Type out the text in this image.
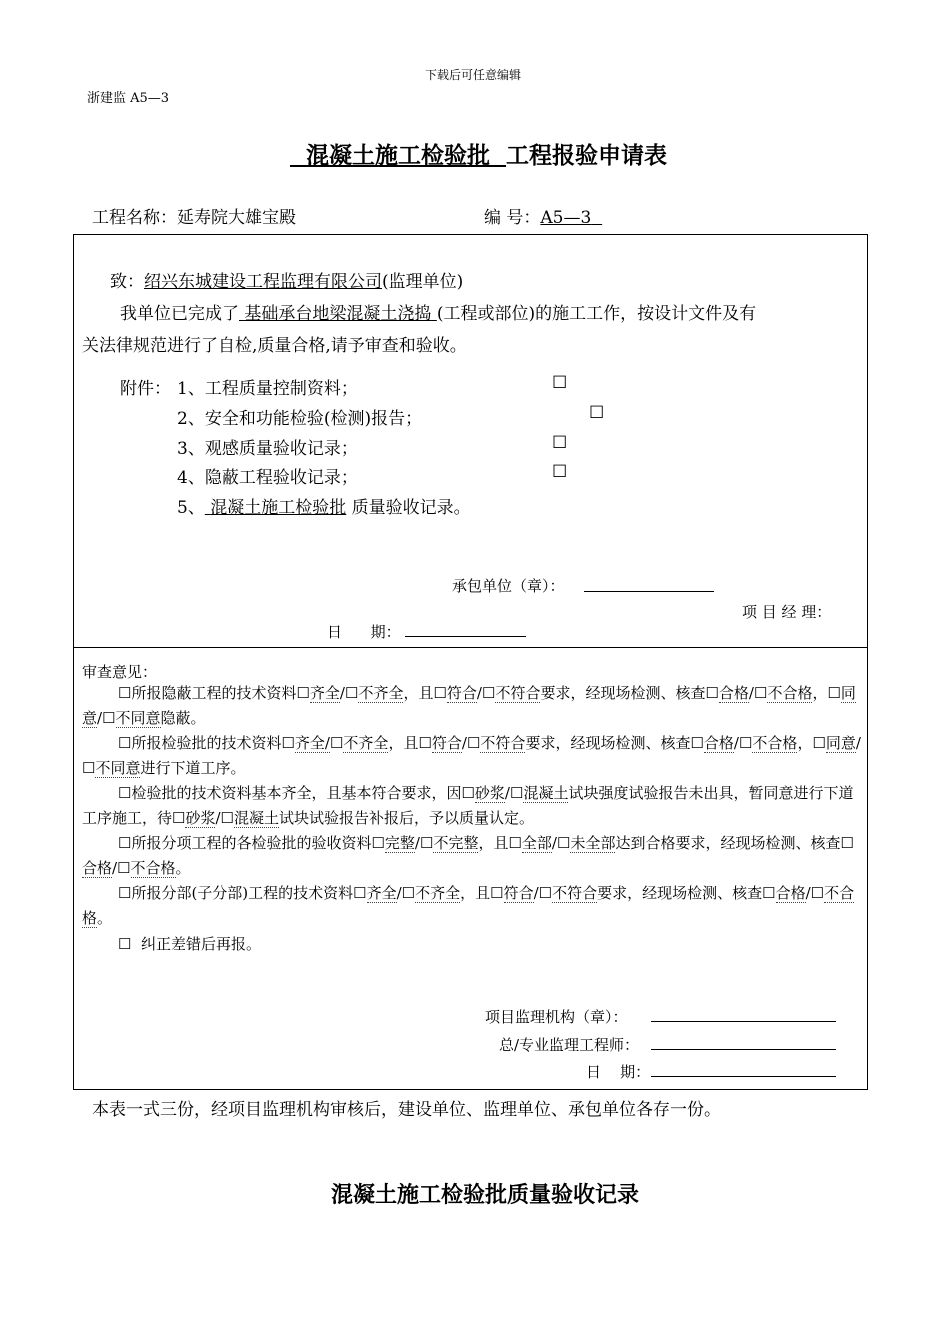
下载后可任意编辑
浙建监 A5—3
混凝土施工检验批 工程报验申请表
工程名称：延寿院大雄宝殿	编 号：A5—3
致：绍兴东城建设工程监理有限公司(监理单位)
我单位已完成了 基础承台地梁混凝土浇捣 (工程或部位)的施工工作，按设计文件及有
关法律规范进行了自检,质量合格,请予审查和验收。
附件： 1、工程质量控制资料；	☐
2、安全和功能检验(检测)报告；	☐
3、观感质量验收记录；	☐
4、隐蔽工程验收记录；	☐
5、 混凝土施工检验批 质量验收记录。
承包单位（章）：
项 目 经 理：
日      期：
审查意见：
☐所报隐蔽工程的技术资料☐齐全/☐不齐全，且☐符合/☐不符合要求，经现场检测、核查☐合格/☐不合格，☐同意/☐不同意隐蔽。
☐所报检验批的技术资料☐齐全/☐不齐全，且☐符合/☐不符合要求，经现场检测、核查☐合格/☐不合格，☐同意/☐不同意进行下道工序。
☐检验批的技术资料基本齐全，且基本符合要求，因☐砂浆/☐混凝土试块强度试验报告未出具，暂同意进行下道工序施工，待☐砂浆/☐混凝土试块试验报告补报后，予以质量认定。
☐所报分项工程的各检验批的验收资料☐完整/☐不完整，且☐全部/☐未全部达到合格要求，经现场检测、核查☐合格/☐不合格。
☐所报分部(子分部)工程的技术资料☐齐全/☐不齐全，且☐符合/☐不符合要求，经现场检测、核查☐合格/☐不合格。
☐  纠正差错后再报。
项目监理机构（章）：
总/专业监理工程师：
日    期：
本表一式三份，经项目监理机构审核后，建设单位、监理单位、承包单位各存一份。
混凝土施工检验批质量验收记录
